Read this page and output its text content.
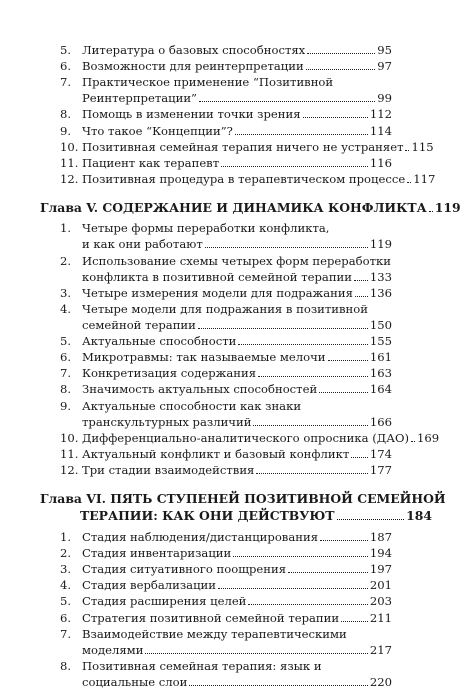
5. Литература о базовых способностях	95
6. Возможности для реинтерпретации	97
7. Практическое применение “Позитивной
Реинтерпретации”	99
8. Помощь в изменении точки зрения	112
9. Что такое “Концепции”?	114
10. Позитивная семейная терапия ничего не устраняет 115
11. Пациент как терапевт	116
12. Позитивная процедура в терапевтическом процессе 117
Глава V. СОДЕРЖАНИЕ И ДИНАМИКА КОНФЛИКТА 119
1. Четыре формы переработки конфликта,
и как они работают	119
2. Использование схемы четырех форм переработки
конфликта в позитивной семейной терапии 133
3. Четыре измерения модели для подражания 136
4. Четыре модели для подражания в позитивной
семейной терапии	150
5. Актуальные способности	155
6. Микротравмы: так называемые мелочи	161
7. Конкретизация содержания	163
8. Значимость актуальных способностей	164
9. Актуальные способности как знаки
транскультурных различий	166
10. Дифференциально-аналитического опросника (ДАО) 169
11. Актуальный конфликт и базовый конфликт 174
12. Три стадии взаимодействия	177
Глава VI. ПЯТЬ СТУПЕНЕЙ ПОЗИТИВНОЙ СЕМЕЙНОЙ
ТЕРАПИИ: КАК ОНИ ДЕЙСТВУЮТ	184
1. Стадия наблюдения/дистанцирования	187
2. Стадия инвентаризации	194
3. Стадия ситуативного поощрения	197
4. Стадия вербализации	201
5. Стадия расширения целей	203
6. Стратегия позитивной семейной терапии	211
7. Взаимодействие между терапевтическими
моделями	217
8. Позитивная семейная терапия: язык и
социальные слои	220
